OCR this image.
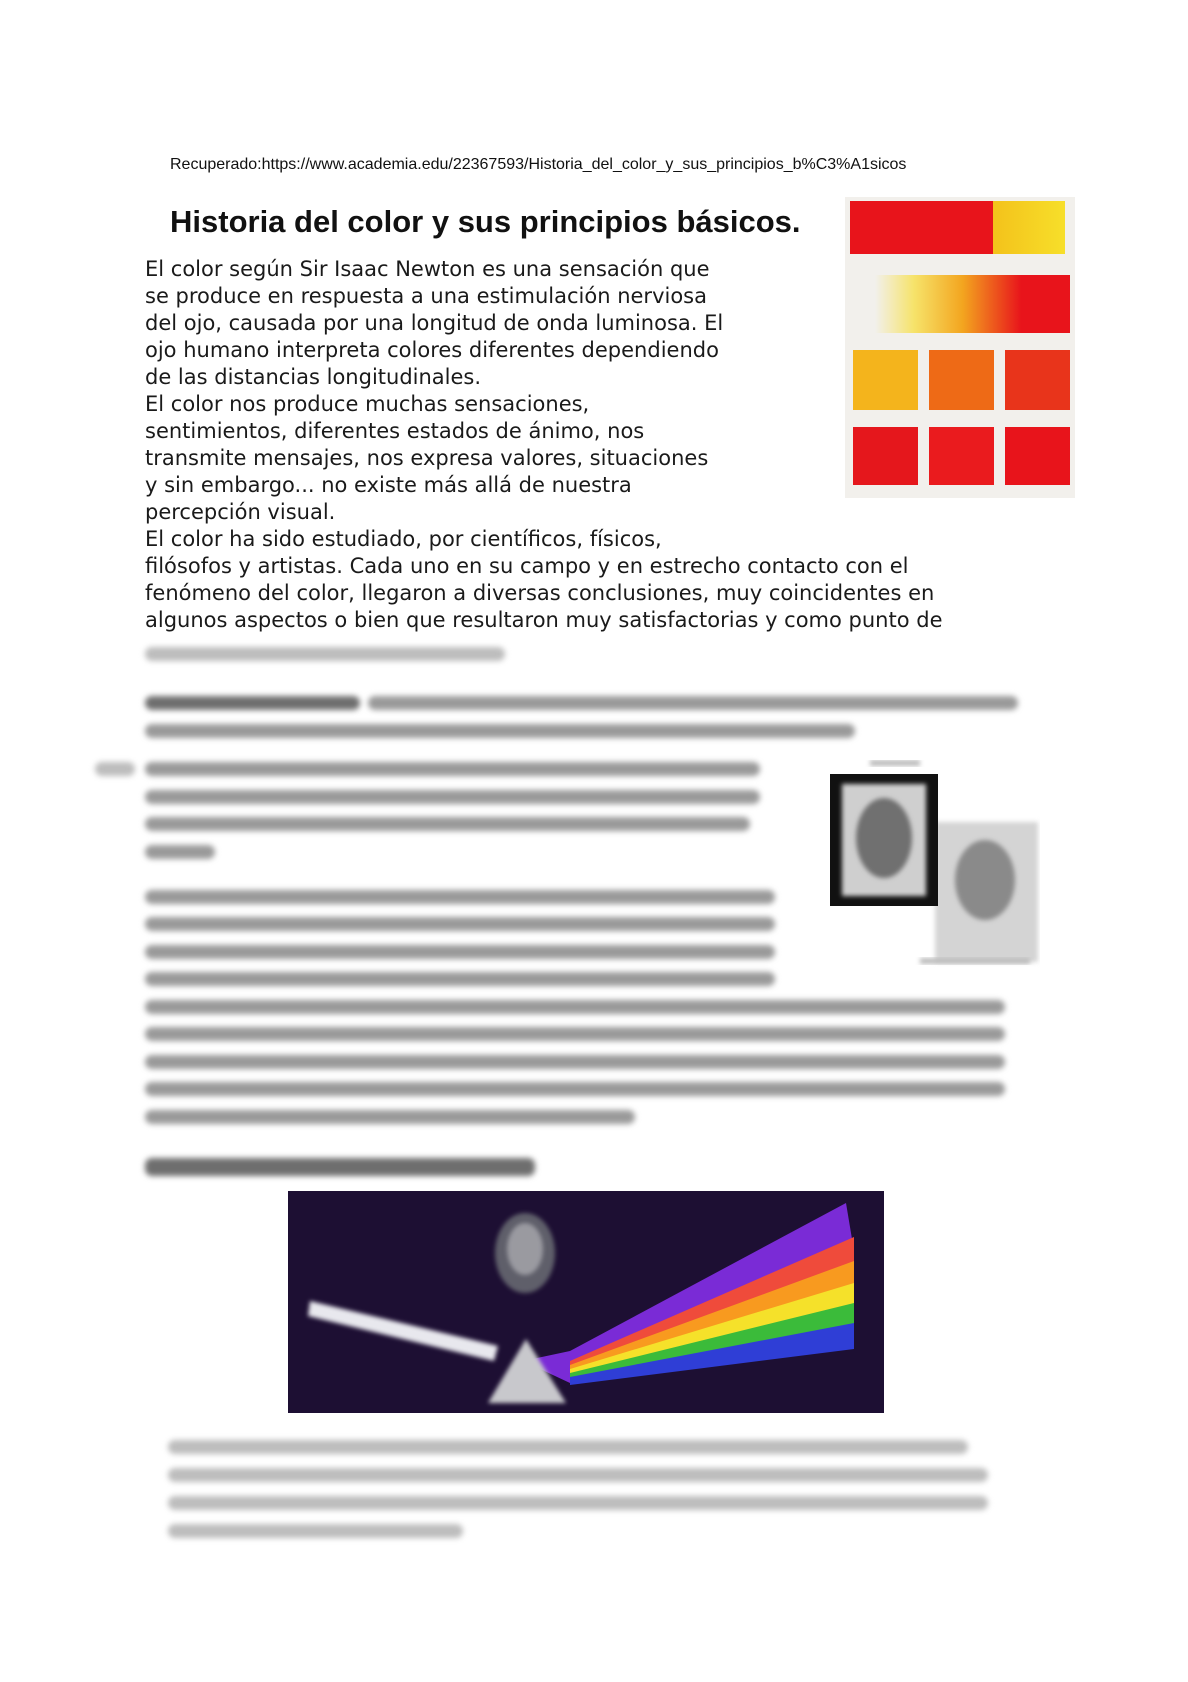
Recuperado:https://www.academia.edu/22367593/Historia_del_color_y_sus_principios_b%C3%A1sicos
Historia del color y sus principios básicos.
El color según Sir Isaac Newton es una sensación que
se produce en respuesta a una estimulación nerviosa
del ojo, causada por una longitud de onda luminosa. El
ojo humano interpreta colores diferentes dependiendo
de las distancias longitudinales.
El color nos produce muchas sensaciones,
sentimientos, diferentes estados de ánimo, nos
transmite mensajes, nos expresa valores, situaciones
y sin embargo... no existe más allá de nuestra
percepción visual.
El color ha sido estudiado, por científicos, físicos,
filósofos y artistas. Cada uno en su campo y en estrecho contacto con el
fenómeno del color, llegaron a diversas conclusiones, muy coincidentes en
algunos aspectos o bien que resultaron muy satisfactorias y como punto de
